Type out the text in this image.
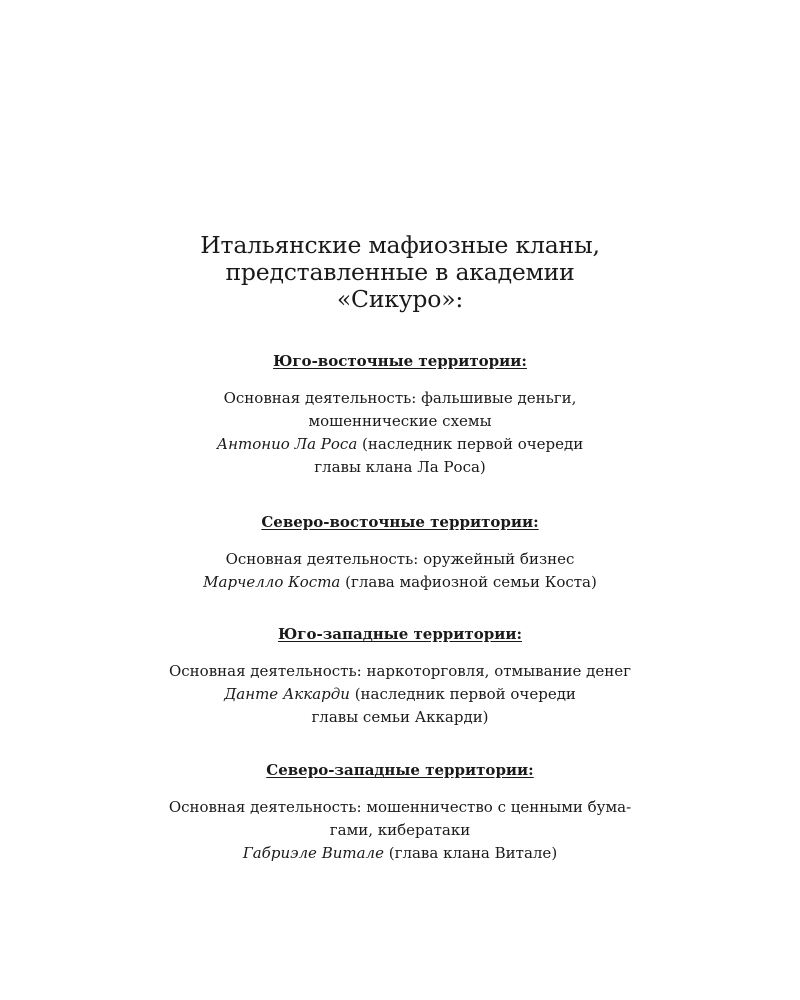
Итальянские мафиозные кланы,
представленные в академии
«Сикуро»:

Юго-восточные территории:

Основная деятельность: фальшивые деньги,

мошеннические схемы

Антонио Ла Роса (наследник первой очереди

главы клана Ла Роса)

Северо-восточные территории:

Основная деятельность: оружейный бизнес

Марчелло Коста (глава мафиозной семьи Коста)

Юго-западные территории:

Основная деятельность: наркоторговля, отмывание денег

Данте Аккарди (наследник первой очереди

главы семьи Аккарди)

Северо-западные территории:

Основная деятельность: мошенничество с ценными бума-

гами, кибератаки

Габриэле Витале (глава клана Витале)
